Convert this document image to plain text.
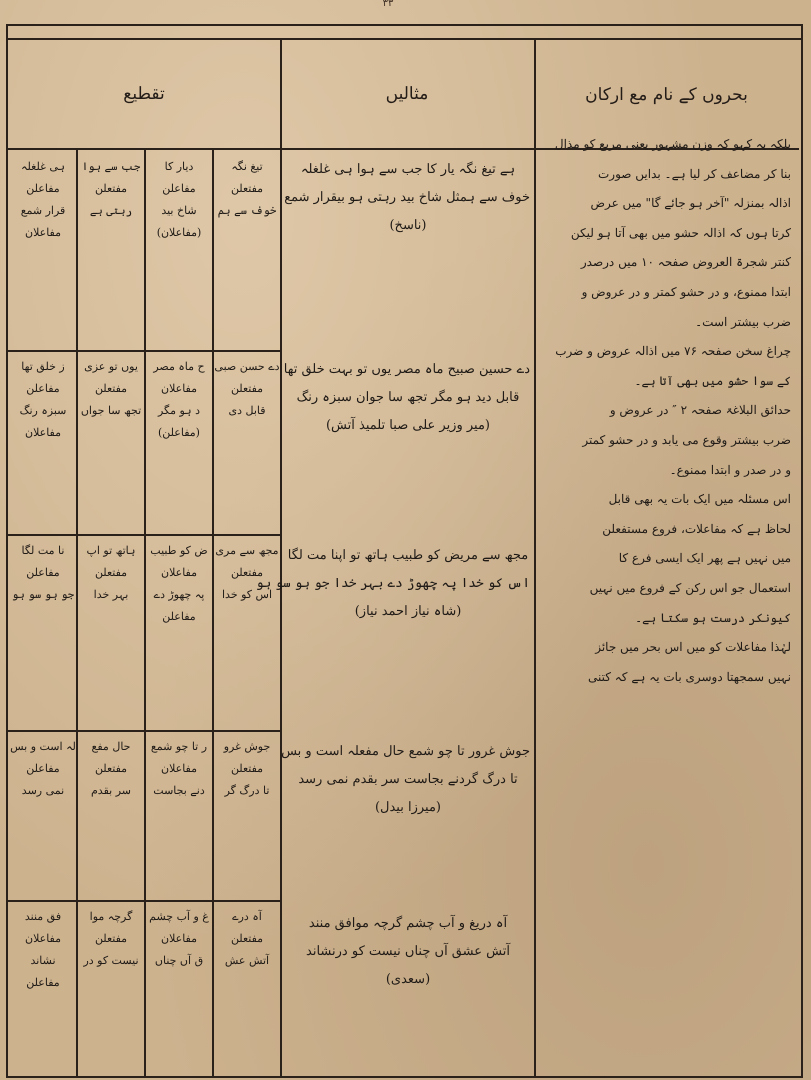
۳۳
تقطیع	مثالیں	بحروں کے نام مع ارکان
ہی غلغلہ
مفاعلن
قرار شمع
مفاعلان
جب سے ہوا
مفتعلن
رہتی ہے
دیار کا
مفاعلن
شاخ بید
(مفاعلان)
تیغ نگہ
مفتعلن
خوف سے ہم
ز خلق تھا
مفاعلن
سبزہ رنگ
مفاعلان
یوں تو عزی
مفتعلن
تجھ سا جواں
ح ماہ مصر
مفاعلان
د ہو مگر
(مفاعلن)
دے حسن صبی
مفتعلن
قابل دی
نا مت لگا
مفاعلن
جو ہو سو ہو
ہاتھ تو اپ
مفتعلن
بہر خدا
ض کو طبیب
مفاعلان
پہ چھوڑ دے
مفاعلن
مجھ سے مری
مفتعلن
اس کو خدا
لہ است و بس
مفاعلن
نمی رسد
حال مفع
مفتعلن
سر بقدم
ر تا چو شمع
مفاعلان
دنے بجاست
جوش غرو
مفتعلن
تا درگ گر
فق منند
مفاعلان
نشاند
مفاعلن
گرچہ موا
مفتعلن
نیست کو در
غ و آب چشم
مفاعلان
ق آں چناں
آہ درے
مفتعلن
آتش عش
ہے تیغ نگہ یار کا جب سے ہوا ہی غلغلہ
خوف سے ہمثل شاخ بید رہتی ہو بیقرار شمع
(ناسخ)
دے حسین صبیح ماہ مصر یوں تو بہت خلق تھا
قابل دید ہو مگر تجھ سا جوان سبزہ رنگ
(میر وزیر علی صبا تلمیذ آتش)
مجھ سے مریض کو طبیب ہاتھ تو اپنا مت لگا
اس کو خدا پہ چھوڑ دے بہر خدا جو ہو سو ہو
(شاہ نیاز احمد نیاز)
جوش غرور تا چو شمع حال مفعلہ است و بس
تا درگ گردنے بجاست سر بقدم نمی رسد
(میرزا بیدل)
آہ دریغ و آب چشم گرچہ موافق منند
آتش عشق آں چناں نیست کو درنشاند
(سعدی)
بلکہ یہ کہو کہ وزن مشہور یعنی مربع کو مذال
بنا کر مضاعف کر لیا ہے۔ بدایں صورت
اذالہ بمنزلہ "آخر ہو جائے گا" میں عرض
کرتا ہوں کہ اذالہ حشو میں بھی آتا ہو لیکن
کنتر شجرۃ العروض صفحہ ۱۰ میں درصدر
ابتدا ممنوع، و در حشو کمتر و در عروض و
ضرب بیشتر است۔
چراغ سخن صفحہ ۷۶ میں اذالہ عروض و ضرب
کے سوا حشو میں بھی آتا ہے۔
حدائق البلاغۃ صفحہ ۲ ″ در عروض و
ضرب بیشتر وقوع می یابد و در حشو کمتر
و در صدر و ابتدا ممنوع۔
اس مسئلہ میں ایک بات یہ بھی قابل
لحاظ ہے کہ مفاعلات، فروع مستفعلن
میں نہیں ہے پھر ایک ایسی فرع کا
استعمال جو اس رکن کے فروع میں نہیں
کیونکر درست ہو سکتا ہے۔
لہٰذا مفاعلات کو میں اس بحر میں جائز
نہیں سمجھتا دوسری بات یہ ہے کہ کتنی
